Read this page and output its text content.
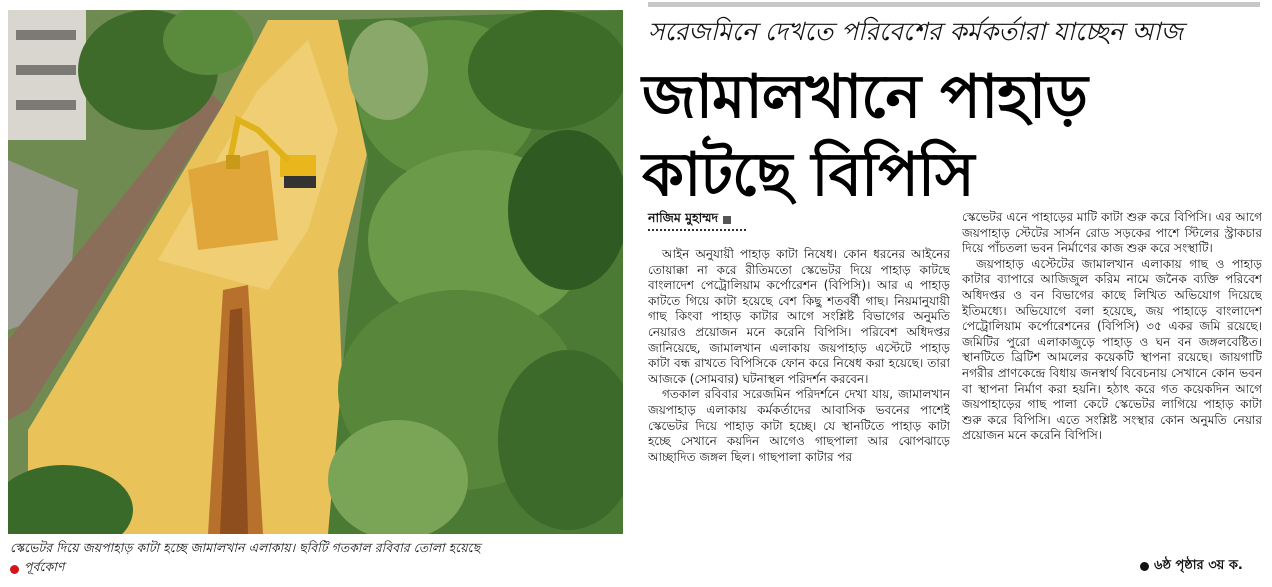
স্কেভেটর দিয়ে জয়পাহাড় কাটা হচ্ছে জামালখান এলাকায়। ছবিটি গতকাল রবিবার তোলা হয়েছে
পূর্বকোণ
সরেজমিনে দেখতে পরিবেশের কর্মকর্তারা যাচ্ছেন আজ
জামালখানে পাহাড়
কাটছে বিপিসি
নাজিম মুহাম্মদ

আইন অনুযায়ী পাহাড় কাটা নিষেধ। কোন ধরনের আইনের তোয়াক্কা না করে রীতিমতো স্কেভেটর দিয়ে পাহাড় কাটছে বাংলাদেশ পেট্রোলিয়াম কর্পোরেশন (বিপিসি)। আর এ পাহাড় কাটতে গিয়ে কাটা হয়েছে বেশ কিছু শতবর্ষী গাছ। নিয়মানুযায়ী গাছ কিংবা পাহাড় কাটার আগে সংশ্লিষ্ট বিভাগের অনুমতি নেয়ারও প্রয়োজন মনে করেনি বিপিসি। পরিবেশ অধিদপ্তর জানিয়েছে, জামালখান এলাকায় জয়পাহাড় এস্টেটে পাহাড় কাটা বন্ধ রাখতে বিপিসিকে ফোন করে নিষেধ করা হয়েছে। তারা আজকে (সোমবার) ঘটনাস্থল পরিদর্শন করবেন।

গতকাল রবিবার সরেজমিন পরিদর্শনে দেখা যায়, জামালখান জয়পাহাড় এলাকায় কর্মকর্তাদের আবাসিক ভবনের পাশেই স্কেভেটর দিয়ে পাহাড় কাটা হচ্ছে। যে স্থানটিতে পাহাড় কাটা হচ্ছে সেখানে কয়দিন আগেও গাছপালা আর ঝোপঝাড়ে আচ্ছাদিত জঙ্গল ছিল। গাছপালা কাটার পর

স্কেভেটর এনে পাহাড়ের মাটি কাটা শুরু করে বিপিসি। এর আগে জয়পাহাড় স্টেটের সার্সন রোড সড়কের পাশে স্টিলের স্ট্রাকচার দিয়ে পাঁচতলা ভবন নির্মাণের কাজ শুরু করে সংস্থাটি।

জয়পাহাড় এস্টেটের জামালখান এলাকায় গাছ ও পাহাড় কাটার ব্যাপারে আজিজুল করিম নামে জনৈক ব্যক্তি পরিবেশ অধিদপ্তর ও বন বিভাগের কাছে লিখিত অভিযোগ দিয়েছে ইতিমধ্যে। অভিযোগে বলা হয়েছে, জয় পাহাড়ে বাংলাদেশ পেট্রোলিয়াম কর্পোরেশনের (বিপিসি) ৩৫ একর জমি রয়েছে। জমিটির পুরো এলাকাজুড়ে পাহাড় ও ঘন বন জঙ্গলবেষ্টিত। স্থানটিতে ব্রিটিশ আমলের কয়েকটি স্থাপনা রয়েছে। জায়গাটি নগরীর প্রাণকেন্দ্রে বিধায় জনস্বার্থ বিবেচনায় সেখানে কোন ভবন বা স্থাপনা নির্মাণ করা হয়নি। হঠাৎ করে গত কয়েকদিন আগে জয়পাহাড়ের গাছ পালা কেটে স্কেভেটর লাগিয়ে পাহাড় কাটা শুরু করে বিপিসি। এতে সংশ্লিষ্ট সংস্থার কোন অনুমতি নেয়ার প্রয়োজন মনে করেনি বিপিসি।

৬ষ্ঠ পৃষ্ঠার ৩য় ক.
